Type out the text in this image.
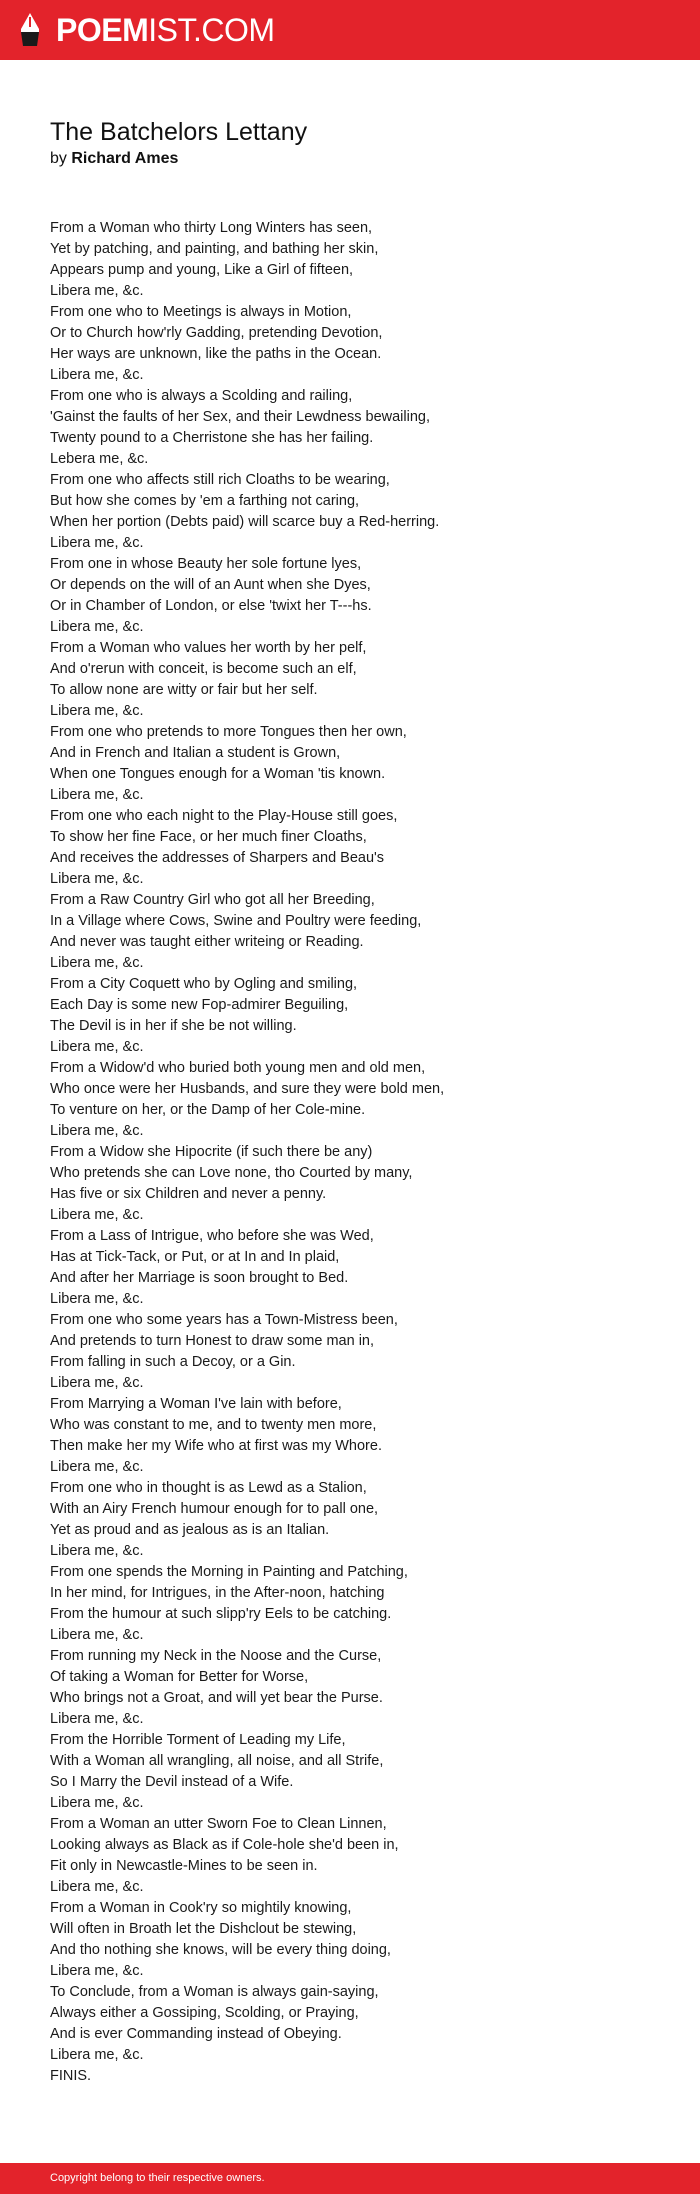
POEMIST.COM
The Batchelors Lettany
by Richard Ames
From a Woman who thirty Long Winters has seen,
Yet by patching, and painting, and bathing her skin,
Appears pump and young, Like a Girl of fifteen,
Libera me, &c.
From one who to Meetings is always in Motion,
Or to Church how'rly Gadding, pretending Devotion,
Her ways are unknown, like the paths in the Ocean.
Libera me, &c.
From one who is always a Scolding and railing,
'Gainst the faults of her Sex, and their Lewdness bewailing,
Twenty pound to a Cherristone she has her failing.
Lebera me, &c.
From one who affects still rich Cloaths to be wearing,
But how she comes by 'em a farthing not caring,
When her portion (Debts paid) will scarce buy a Red-herring.
Libera me, &c.
From one in whose Beauty her sole fortune lyes,
Or depends on the will of an Aunt when she Dyes,
Or in Chamber of London, or else 'twixt her T---hs.
Libera me, &c.
From a Woman who values her worth by her pelf,
And o'rerun with conceit, is become such an elf,
To allow none are witty or fair but her self.
Libera me, &c.
From one who pretends to more Tongues then her own,
And in French and Italian a student is Grown,
When one Tongues enough for a Woman 'tis known.
Libera me, &c.
From one who each night to the Play-House still goes,
To show her fine Face, or her much finer Cloaths,
And receives the addresses of Sharpers and Beau's
Libera me, &c.
From a Raw Country Girl who got all her Breeding,
In a Village where Cows, Swine and Poultry were feeding,
And never was taught either writeing or Reading.
Libera me, &c.
From a City Coquett who by Ogling and smiling,
Each Day is some new Fop-admirer Beguiling,
The Devil is in her if she be not willing.
Libera me, &c.
From a Widow'd who buried both young men and old men,
Who once were her Husbands, and sure they were bold men,
To venture on her, or the Damp of her Cole-mine.
Libera me, &c.
From a Widow she Hipocrite (if such there be any)
Who pretends she can Love none, tho Courted by many,
Has five or six Children and never a penny.
Libera me, &c.
From a Lass of Intrigue, who before she was Wed,
Has at Tick-Tack, or Put, or at In and In plaid,
And after her Marriage is soon brought to Bed.
Libera me, &c.
From one who some years has a Town-Mistress been,
And pretends to turn Honest to draw some man in,
From falling in such a Decoy, or a Gin.
Libera me, &c.
From Marrying a Woman I've lain with before,
Who was constant to me, and to twenty men more,
Then make her my Wife who at first was my Whore.
Libera me, &c.
From one who in thought is as Lewd as a Stalion,
With an Airy French humour enough for to pall one,
Yet as proud and as jealous as is an Italian.
Libera me, &c.
From one spends the Morning in Painting and Patching,
In her mind, for Intrigues, in the After-noon, hatching
From the humour at such slipp'ry Eels to be catching.
Libera me, &c.
From running my Neck in the Noose and the Curse,
Of taking a Woman for Better for Worse,
Who brings not a Groat, and will yet bear the Purse.
Libera me, &c.
From the Horrible Torment of Leading my Life,
With a Woman all wrangling, all noise, and all Strife,
So I Marry the Devil instead of a Wife.
Libera me, &c.
From a Woman an utter Sworn Foe to Clean Linnen,
Looking always as Black as if Cole-hole she'd been in,
Fit only in Newcastle-Mines to be seen in.
Libera me, &c.
From a Woman in Cook'ry so mightily knowing,
Will often in Broath let the Dishclout be stewing,
And tho nothing she knows, will be every thing doing,
Libera me, &c.
To Conclude, from a Woman is always gain-saying,
Always either a Gossiping, Scolding, or Praying,
And is ever Commanding instead of Obeying.
Libera me, &c.
FINIS.
Copyright belong to their respective owners.
